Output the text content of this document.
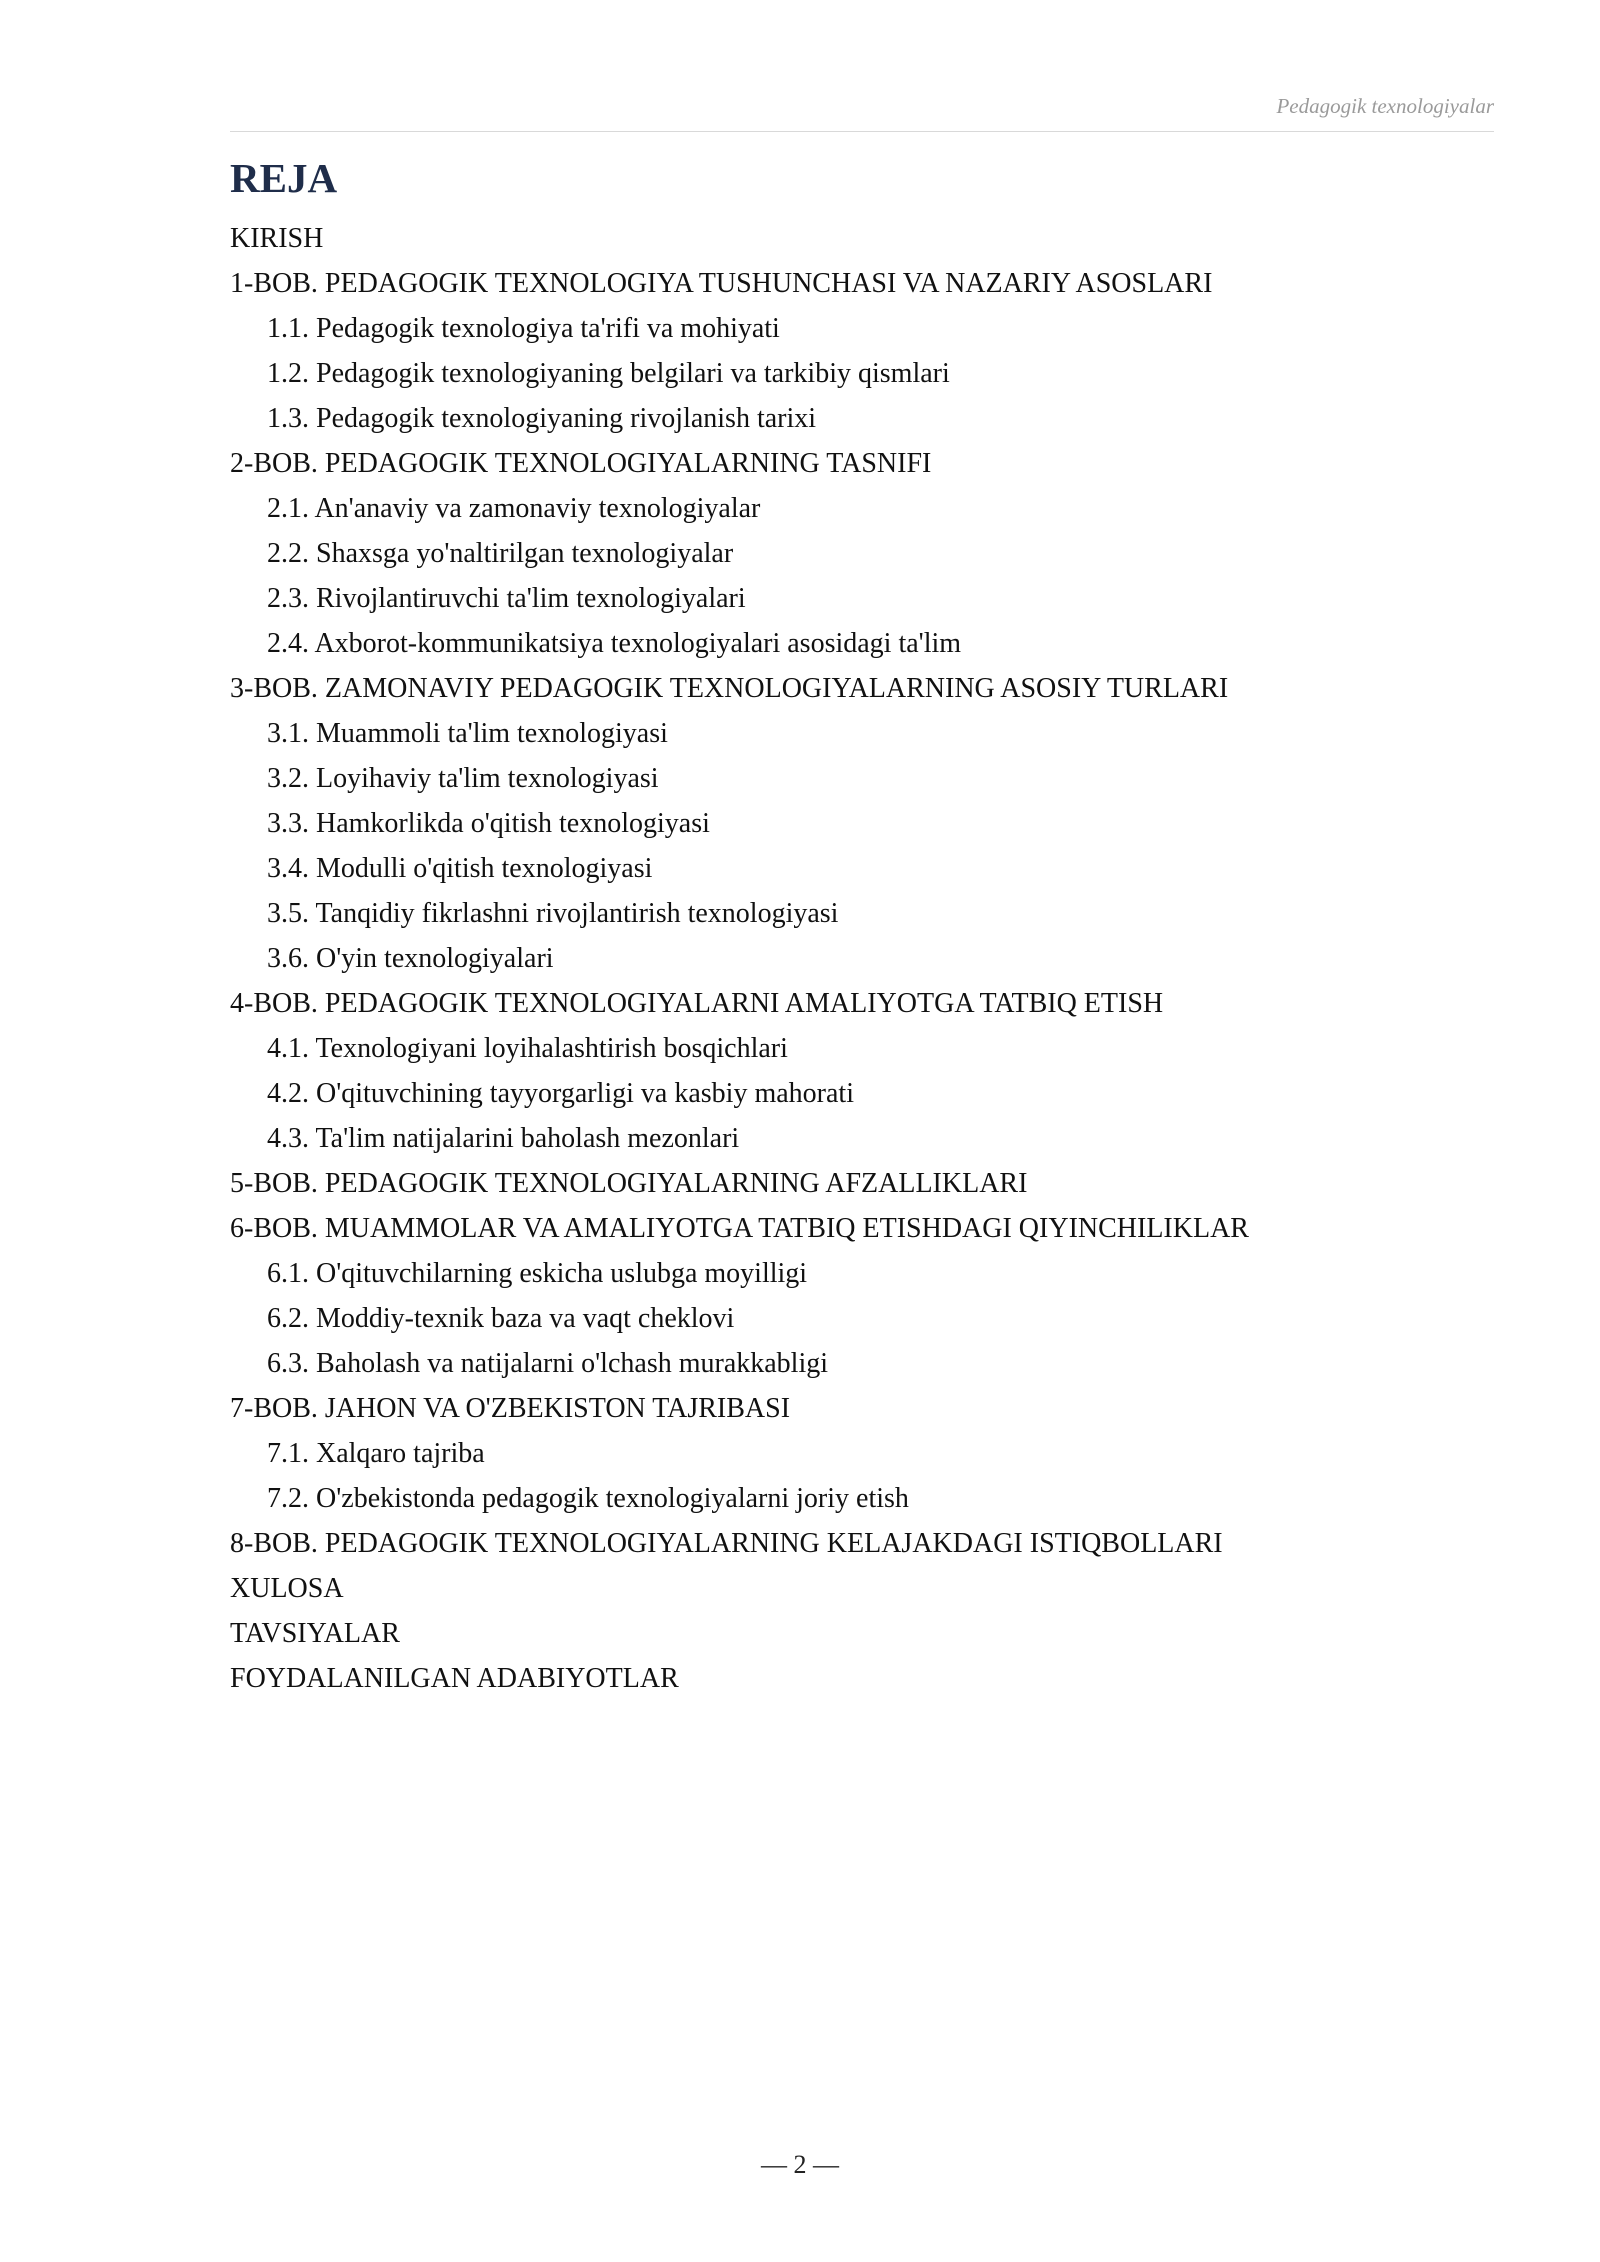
Pedagogik texnologiyalar
REJA
KIRISH
1-BOB. PEDAGOGIK TEXNOLOGIYA TUSHUNCHASI VA NAZARIY ASOSLARI
1.1. Pedagogik texnologiya ta'rifi va mohiyati
1.2. Pedagogik texnologiyaning belgilari va tarkibiy qismlari
1.3. Pedagogik texnologiyaning rivojlanish tarixi
2-BOB. PEDAGOGIK TEXNOLOGIYALARNING TASNIFI
2.1. An'anaviy va zamonaviy texnologiyalar
2.2. Shaxsga yo'naltirilgan texnologiyalar
2.3. Rivojlantiruvchi ta'lim texnologiyalari
2.4. Axborot-kommunikatsiya texnologiyalari asosidagi ta'lim
3-BOB. ZAMONAVIY PEDAGOGIK TEXNOLOGIYALARNING ASOSIY TURLARI
3.1. Muammoli ta'lim texnologiyasi
3.2. Loyihaviy ta'lim texnologiyasi
3.3. Hamkorlikda o'qitish texnologiyasi
3.4. Modulli o'qitish texnologiyasi
3.5. Tanqidiy fikrlashni rivojlantirish texnologiyasi
3.6. O'yin texnologiyalari
4-BOB. PEDAGOGIK TEXNOLOGIYALARNI AMALIYOTGA TATBIQ ETISH
4.1. Texnologiyani loyihalashtirish bosqichlari
4.2. O'qituvchining tayyorgarligi va kasbiy mahorati
4.3. Ta'lim natijalarini baholash mezonlari
5-BOB. PEDAGOGIK TEXNOLOGIYALARNING AFZALLIKLARI
6-BOB. MUAMMOLAR VA AMALIYOTGA TATBIQ ETISHDAGI QIYINCHILIKLAR
6.1. O'qituvchilarning eskicha uslubga moyilligi
6.2. Moddiy-texnik baza va vaqt cheklovi
6.3. Baholash va natijalarni o'lchash murakkabligi
7-BOB. JAHON VA O'ZBEKISTON TAJRIBASI
7.1. Xalqaro tajriba
7.2. O'zbekistonda pedagogik texnologiyalarni joriy etish
8-BOB. PEDAGOGIK TEXNOLOGIYALARNING KELAJAKDAGI ISTIQBOLLARI
XULOSA
TAVSIYALAR
FOYDALANILGAN ADABIYOTLAR
— 2 —
